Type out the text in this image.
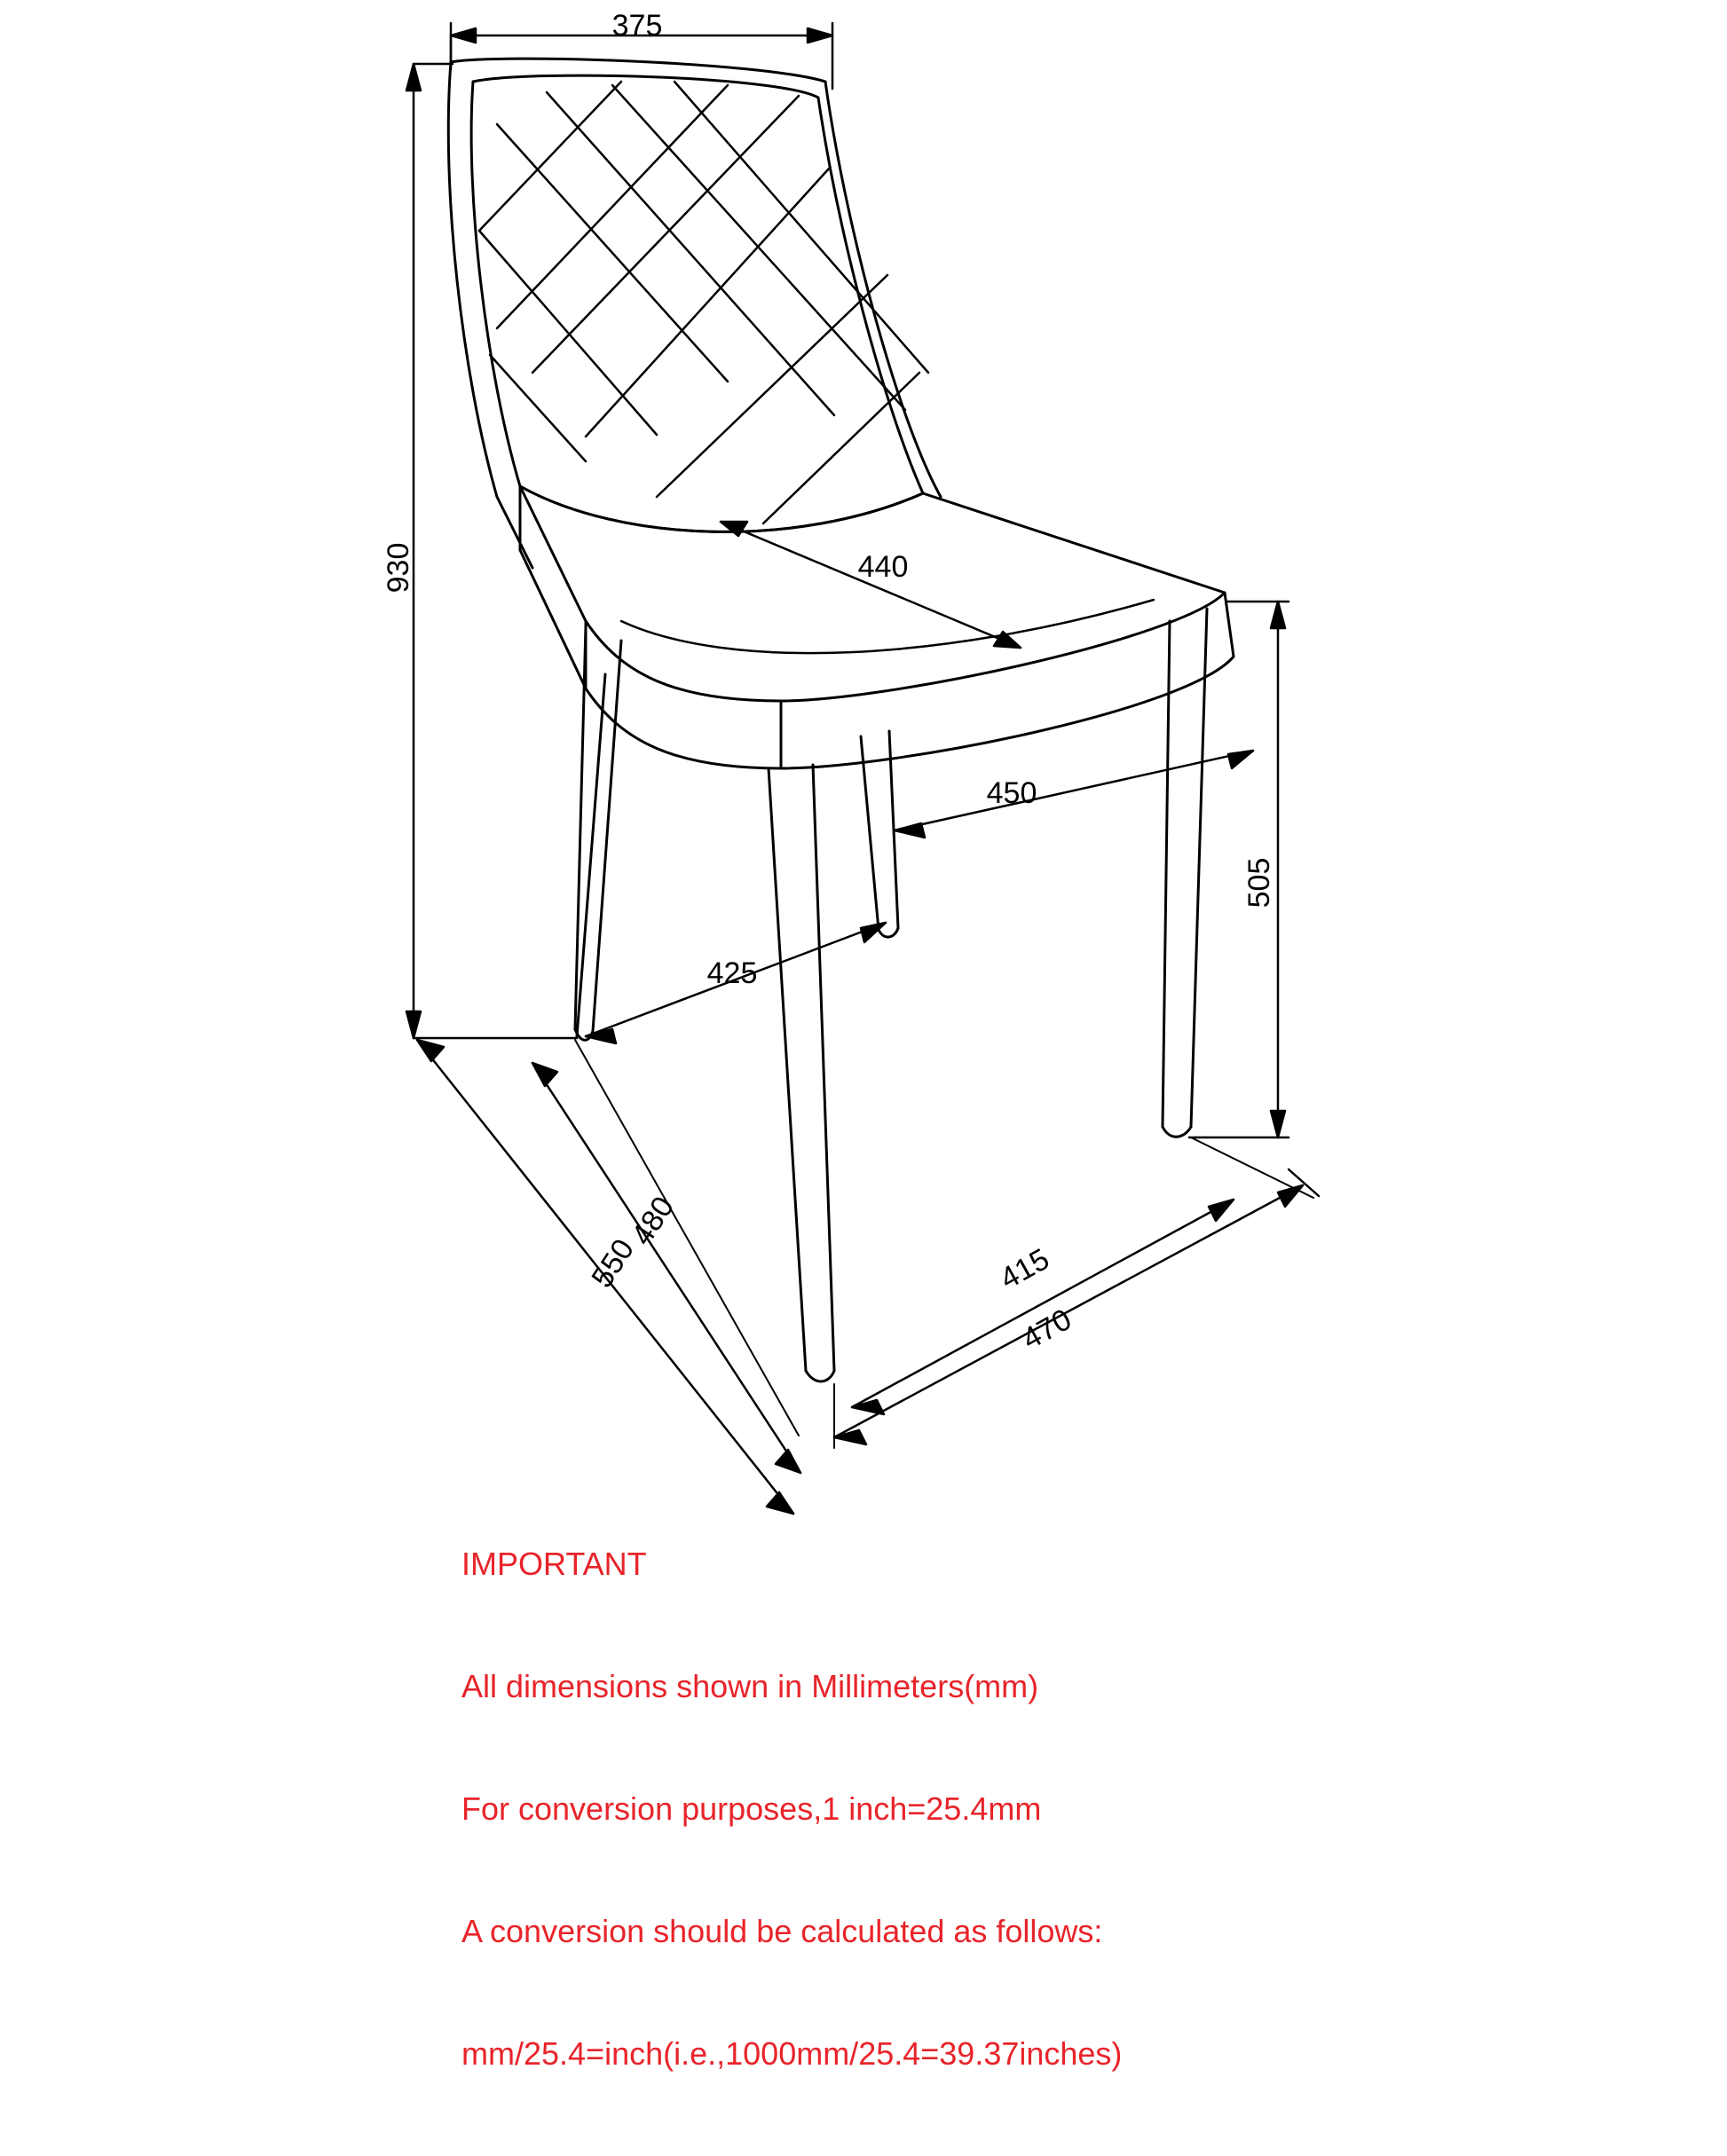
375
930	440
450
505
425
480
550	415
470

IMPORTANT

All dimensions shown in Millimeters(mm)

For conversion purposes,1 inch=25.4mm

A conversion should be calculated as follows:

mm/25.4=inch(i.e.,1000mm/25.4=39.37inches)
